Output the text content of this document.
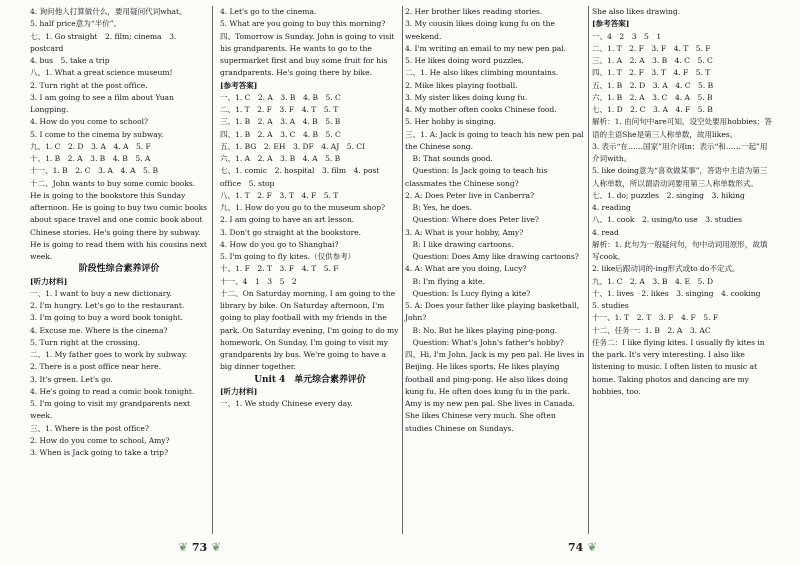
4. 询问他人打算做什么，要用疑问代词what。
5. half price意为“半价”。
七、1. Go straight　2. film; cinema　3. postcard
4. bus　5. take a trip
八、1. What a great science museum!
2. Turn right at the post office.
3. I am going to see a film about Yuan Longping.
4. How do you come to school?
5. I come to the cinema by subway.
九、1. C　2. D　3. A　4. A　5. F
十、1. B　2. A　3. B　4. B　5. A
十一、1. B　2. C　3. A　4. A　5. B
十二、John wants to buy some comic books. He is going to the bookstore this Sunday afternoon. He is going to buy two comic books about space travel and one comic book about Chinese stories. He's going there by subway. He is going to read them with his cousins next week.
阶段性综合素养评价
[听力材料]
一、1. I want to buy a new dictionary.
2. I'm hungry. Let's go to the restaurant.
3. I'm going to buy a word book tonight.
4. Excuse me. Where is the cinema?
5. Turn right at the crossing.
二、1. My father goes to work by subway.
2. There is a post office near here.
3. It's green. Let's go.
4. He's going to read a comic book tonight.
5. I'm going to visit my grandparents next week.
三、1. Where is the post office?
2. How do you come to school, Amy?
3. When is Jack going to take a trip?
4. Let's go to the cinema.
5. What are you going to buy this morning?
四、Tomorrow is Sunday. John is going to visit his grandparents. He wants to go to the supermarket first and buy some fruit for his grandparents. He's going there by bike.
[参考答案]
一、1. C　2. A　3. B　4. B　5. C
二、1. T　2. F　3. F　4. T　5. T
三、1. B　2. A　3. A　4. B　5. B
四、1. B　2. A　3. C　4. B　5. C
五、1. BG　2. EH　3. DF　4. AJ　5. CI
六、1. A　2. A　3. B　4. A　5. B
七、1. comic　2. hospital　3. film　4. post office　5. stop
八、1. T　2. F　3. T　4. F　5. T
九、1. How do you go to the museum shop?
2. I am going to have an art lesson.
3. Don't go straight at the bookstore.
4. How do you go to Shanghai?
5. I'm going to fly kites.（仅供参考）
十、1. F　2. T　3. F　4. T　5. F
十一、4　1　3　5　2
十二、On Saturday morning, I am going to the library by bike. On Saturday afternoon, I'm going to play football with my friends in the park. On Saturday evening, I'm going to do my homework. On Sunday, I'm going to visit my grandparents by bus. We're going to have a big dinner together.
Unit 4　单元综合素养评价
[听力材料]
一、1. We study Chinese every day.
2. Her brother likes reading stories.
3. My cousin likes doing kung fu on the weekend.
4. I'm writing an email to my new pen pal.
5. He likes doing word puzzles.
二、1. He also likes climbing mountains.
2. Mike likes playing football.
3. My sister likes doing kung fu.
4. My mother often cooks Chinese food.
5. Her hobby is singing.
三、1. A: Jack is going to teach his new pen pal the Chinese song.
　B: That sounds good.
　Question: Is Jack going to teach his classmates the Chinese song?
2. A: Does Peter live in Canberra?
　B: Yes, he does.
　Question: Where does Peter live?
3. A: What is your hobby, Amy?
　B: I like drawing cartoons.
　Question: Does Amy like drawing cartoons?
4. A: What are you doing, Lucy?
　B: I'm flying a kite.
　Question: Is Lucy flying a kite?
5. A: Does your father like playing basketball, John?
　B: No. But he likes playing ping-pong.
　Question: What's John's father's hobby?
四、Hi, I'm John. Jack is my pen pal. He lives in Beijing. He likes sports. He likes playing football and ping-pong. He also likes doing kung fu. He often does kung fu in the park. Amy is my new pen pal. She lives in Canada. She likes Chinese very much. She often studies Chinese on Sundays.
She also likes drawing.
[参考答案]
一、4　2　3　5　1
二、1. T　2. F　3. F　4. T　5. F
三、1. A　2. A　3. B　4. C　5. C
四、1. T　2. F　3. T　4. F　5. T
五、1. B　2. D　3. A　4. C　5. B
六、1. B　2. A　3. C　4. A　5. B
七、1. D　2. C　3. A　4. F　5. B
解析：1. 由问句中are可知，设空处要用hobbies；答语的主语She是第三人称单数，故用likes。
3. 表示“在……国家”用介词in；表示“和……一起”用介词with。
5. like doing意为“喜欢做某事”，答语中主语为第三人称单数，所以谓语动词要用第三人称单数形式。
七、1. do; puzzles　2. singing　3. hiking
4. reading
八、1. cook　2. using/to use　3. studies
4. read
解析：1. 此句为一般疑问句，句中动词用原形，故填写cook。
2. like后跟动词的-ing形式或to do不定式。
九、1. C　2. A　3. B　4. E　5. D
十、1. lives　2. likes　3. singing　4. cooking
5. studies
十一、1. T　2. T　3. F　4. F　5. F
十二、任务一：1. B　2. A　3. AC
任务二：I like flying kites. I usually fly kites in the park. It's very interesting. I also like listening to music. I often listen to music at home. Taking photos and dancing are my hobbies, too.
❦ 73 ❦	74 ❦
